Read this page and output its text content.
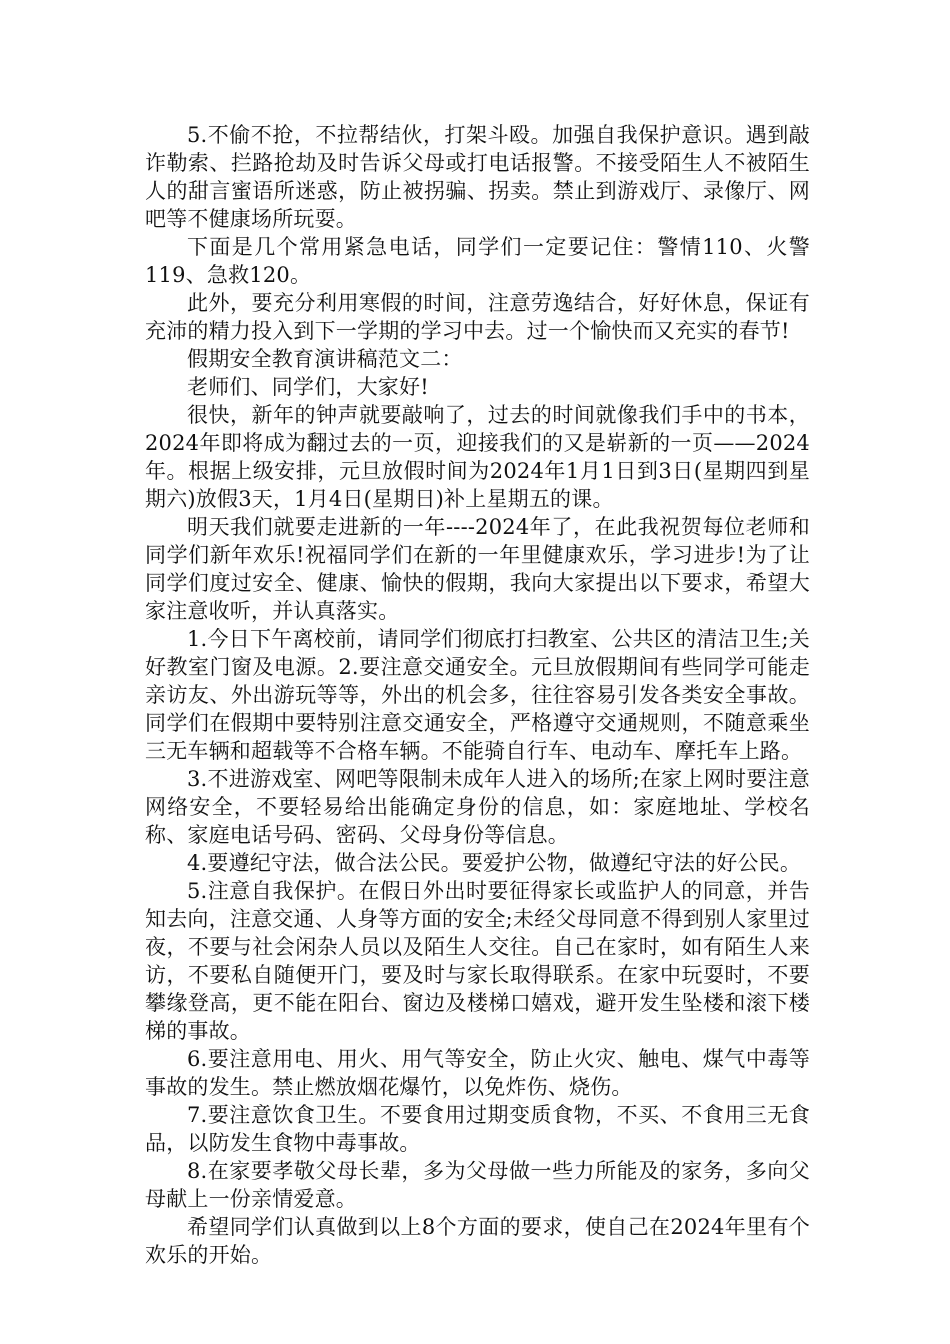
5.不偷不抢，不拉帮结伙，打架斗殴。加强自我保护意识。遇到敲诈勒索、拦路抢劫及时告诉父母或打电话报警。不接受陌生人不被陌生人的甜言蜜语所迷惑，防止被拐骗、拐卖。禁止到游戏厅、录像厅、网吧等不健康场所玩耍。

下面是几个常用紧急电话，同学们一定要记住：警情110、火警119、急救120。

此外，要充分利用寒假的时间，注意劳逸结合，好好休息，保证有充沛的精力投入到下一学期的学习中去。过一个愉快而又充实的春节!

假期安全教育演讲稿范文二：

老师们、同学们，大家好!

很快，新年的钟声就要敲响了，过去的时间就像我们手中的书本，2024年即将成为翻过去的一页，迎接我们的又是崭新的一页——2024年。根据上级安排，元旦放假时间为2024年1月1日到3日(星期四到星期六)放假3天，1月4日(星期日)补上星期五的课。

明天我们就要走进新的一年----2024年了，在此我祝贺每位老师和同学们新年欢乐!祝福同学们在新的一年里健康欢乐，学习进步!为了让同学们度过安全、健康、愉快的假期，我向大家提出以下要求，希望大家注意收听，并认真落实。

1.今日下午离校前，请同学们彻底打扫教室、公共区的清洁卫生;关好教室门窗及电源。2.要注意交通安全。元旦放假期间有些同学可能走亲访友、外出游玩等等，外出的机会多，往往容易引发各类安全事故。同学们在假期中要特别注意交通安全，严格遵守交通规则，不随意乘坐三无车辆和超载等不合格车辆。不能骑自行车、电动车、摩托车上路。

3.不进游戏室、网吧等限制未成年人进入的场所;在家上网时要注意网络安全，不要轻易给出能确定身份的信息，如：家庭地址、学校名称、家庭电话号码、密码、父母身份等信息。

4.要遵纪守法，做合法公民。要爱护公物，做遵纪守法的好公民。

5.注意自我保护。在假日外出时要征得家长或监护人的同意，并告知去向，注意交通、人身等方面的安全;未经父母同意不得到别人家里过夜，不要与社会闲杂人员以及陌生人交往。自己在家时，如有陌生人来访，不要私自随便开门，要及时与家长取得联系。在家中玩耍时，不要攀缘登高，更不能在阳台、窗边及楼梯口嬉戏，避开发生坠楼和滚下楼梯的事故。

6.要注意用电、用火、用气等安全，防止火灾、触电、煤气中毒等事故的发生。禁止燃放烟花爆竹，以免炸伤、烧伤。

7.要注意饮食卫生。不要食用过期变质食物，不买、不食用三无食品，以防发生食物中毒事故。

8.在家要孝敬父母长辈，多为父母做一些力所能及的家务，多向父母献上一份亲情爱意。

希望同学们认真做到以上8个方面的要求，使自己在2024年里有个欢乐的开始。
